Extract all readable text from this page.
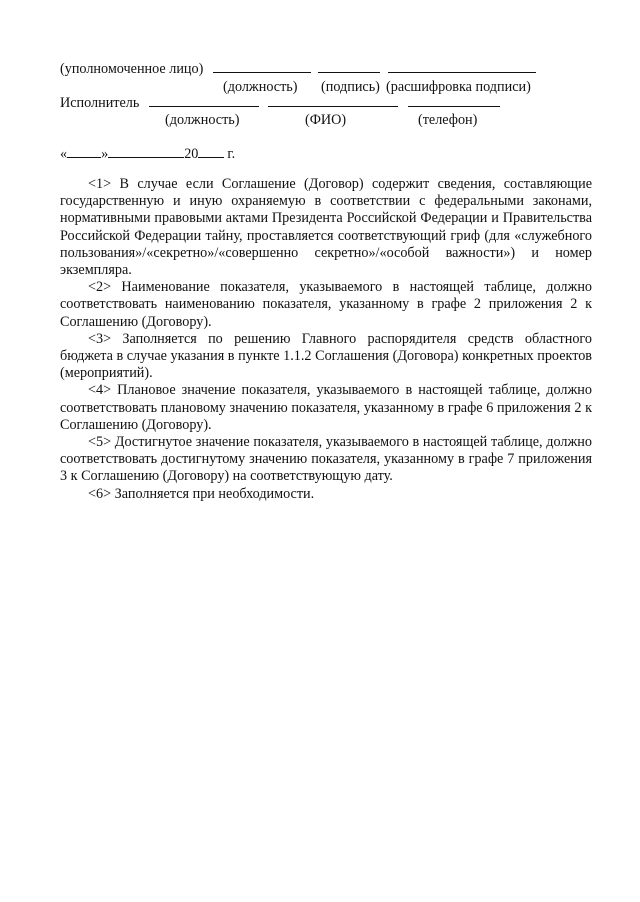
(уполномоченное лицо)
(должность) (подпись) (расшифровка подписи)
Исполнитель
(должность)	(ФИО)	(телефон)
« »	20 г.

<1> В случае если Соглашение (Договор) содержит сведения, составляющие государственную и иную охраняемую в соответствии с федеральными законами, нормативными правовыми актами Президента Российской Федерации и Правительства Российской Федерации тайну, проставляется соответствующий гриф (для «служебного пользования»/«секретно»/«совершенно секретно»/«особой важности») и номер экземпляра.

<2> Наименование показателя, указываемого в настоящей таблице, должно соответствовать наименованию показателя, указанному в графе 2 приложения 2 к Соглашению (Договору).

<3> Заполняется по решению Главного распорядителя средств областного бюджета в случае указания в пункте 1.1.2 Соглашения (Договора) конкретных проектов (мероприятий).

<4> Плановое значение показателя, указываемого в настоящей таблице, должно соответствовать плановому значению показателя, указанному в графе 6 приложения 2 к Соглашению (Договору).

<5> Достигнутое значение показателя, указываемого в настоящей таблице, должно соответствовать достигнутому значению показателя, указанному в графе 7 приложения 3 к Соглашению (Договору) на соответствующую дату.

<6> Заполняется при необходимости.
